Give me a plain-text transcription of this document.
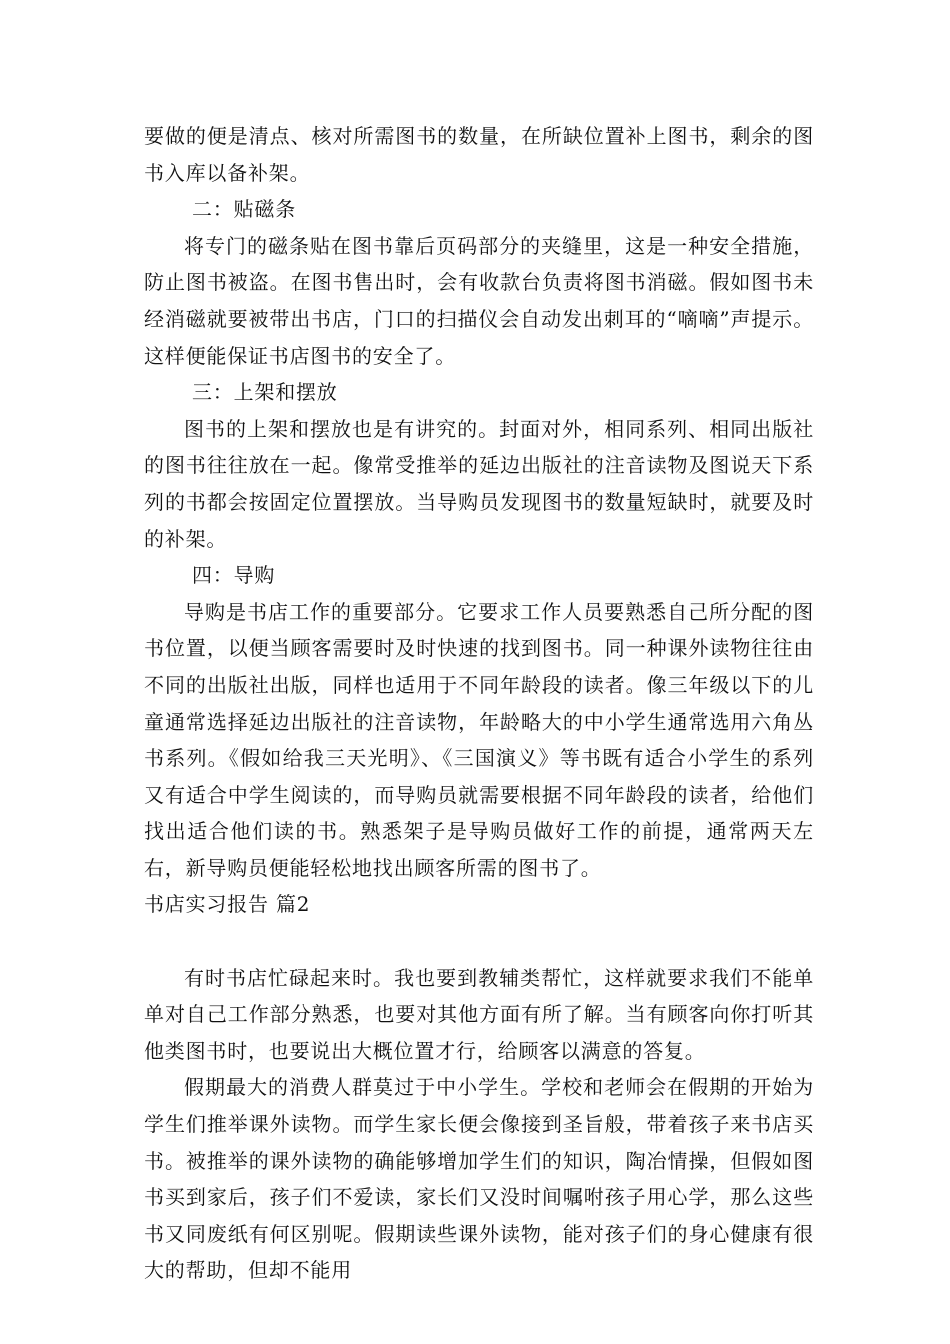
要做的便是清点、核对所需图书的数量，在所缺位置补上图书，剩余的图书入库以备补架。

二：贴磁条

将专门的磁条贴在图书靠后页码部分的夹缝里，这是一种安全措施，防止图书被盗。在图书售出时，会有收款台负责将图书消磁。假如图书未经消磁就要被带出书店，门口的扫描仪会自动发出刺耳的“嘀嘀”声提示。这样便能保证书店图书的安全了。

三：上架和摆放

图书的上架和摆放也是有讲究的。封面对外，相同系列、相同出版社的图书往往放在一起。像常受推举的延边出版社的注音读物及图说天下系列的书都会按固定位置摆放。当导购员发现图书的数量短缺时，就要及时的补架。

四：导购

导购是书店工作的重要部分。它要求工作人员要熟悉自己所分配的图书位置，以便当顾客需要时及时快速的找到图书。同一种课外读物往往由不同的出版社出版，同样也适用于不同年龄段的读者。像三年级以下的儿童通常选择延边出版社的注音读物，年龄略大的中小学生通常选用六角丛书系列。《假如给我三天光明》、《三国演义》等书既有适合小学生的系列又有适合中学生阅读的，而导购员就需要根据不同年龄段的读者，给他们找出适合他们读的书。熟悉架子是导购员做好工作的前提，通常两天左右，新导购员便能轻松地找出顾客所需的图书了。

书店实习报告 篇2

有时书店忙碌起来时。我也要到教辅类帮忙，这样就要求我们不能单单对自己工作部分熟悉，也要对其他方面有所了解。当有顾客向你打听其他类图书时，也要说出大概位置才行，给顾客以满意的答复。

假期最大的消费人群莫过于中小学生。学校和老师会在假期的开始为学生们推举课外读物。而学生家长便会像接到圣旨般，带着孩子来书店买书。被推举的课外读物的确能够增加学生们的知识，陶冶情操，但假如图书买到家后，孩子们不爱读，家长们又没时间嘱咐孩子用心学，那么这些书又同废纸有何区别呢。假期读些课外读物，能对孩子们的身心健康有很大的帮助，但却不能用
